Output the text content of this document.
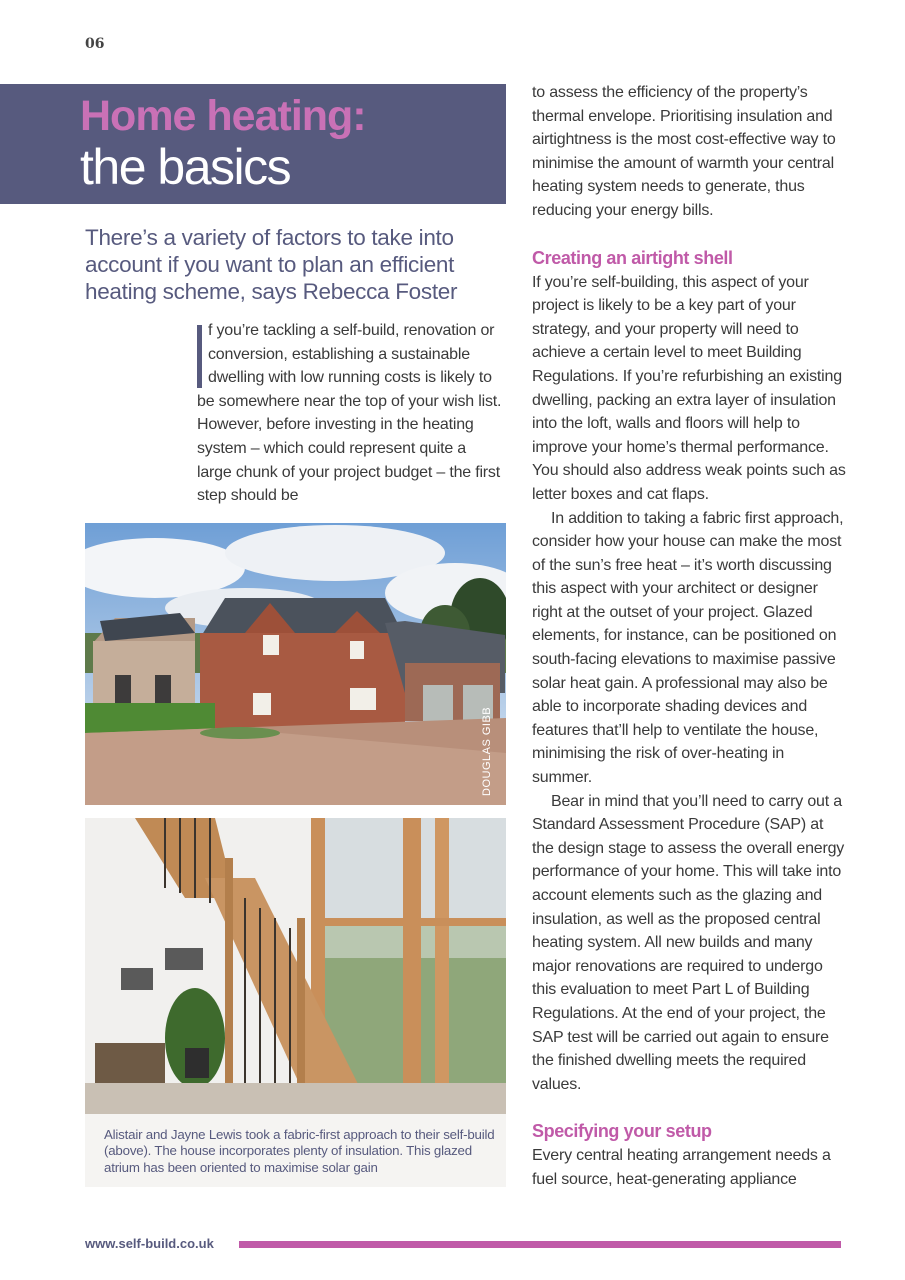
06
Home heating:
the basics
There’s a variety of factors to take into account if you want to plan an efficient heating scheme, says Rebecca Foster

f you’re tackling a self-build, renovation or conversion, establishing a sustainable dwelling with low running costs is likely to be somewhere near the top of your wish list. However, before investing in the heating system – which could represent quite a large chunk of your project budget – the first step should be

DOUGLAS GIBB

Alistair and Jayne Lewis took a fabric-first approach to their self-build (above). The house incorporates plenty of insulation. This glazed atrium has been oriented to maximise solar gain

to assess the efficiency of the property’s thermal envelope. Prioritising insulation and airtightness is the most cost-effective way to minimise the amount of warmth your central heating system needs to generate, thus reducing your energy bills.

Creating an airtight shell

If you’re self-building, this aspect of your project is likely to be a key part of your strategy, and your property will need to achieve a certain level to meet Building Regulations. If you’re refurbishing an existing dwelling, packing an extra layer of insulation into the loft, walls and floors will help to improve your home’s thermal performance. You should also address weak points such as letter boxes and cat flaps.

In addition to taking a fabric first approach, consider how your house can make the most of the sun’s free heat – it’s worth discussing this aspect with your architect or designer right at the outset of your project. Glazed elements, for instance, can be positioned on south-facing elevations to maximise passive solar heat gain. A professional may also be able to incorporate shading devices and features that’ll help to ventilate the house, minimising the risk of over-heating in summer.

Bear in mind that you’ll need to carry out a Standard Assessment Procedure (SAP) at the design stage to assess the overall energy performance of your home. This will take into account elements such as the glazing and insulation, as well as the proposed central heating system. All new builds and many major renovations are required to undergo this evaluation to meet Part L of Building Regulations. At the end of your project, the SAP test will be carried out again to ensure the finished dwelling meets the required values.

Specifying your setup

Every central heating arrangement needs a fuel source, heat-generating appliance

www.self-build.co.uk
